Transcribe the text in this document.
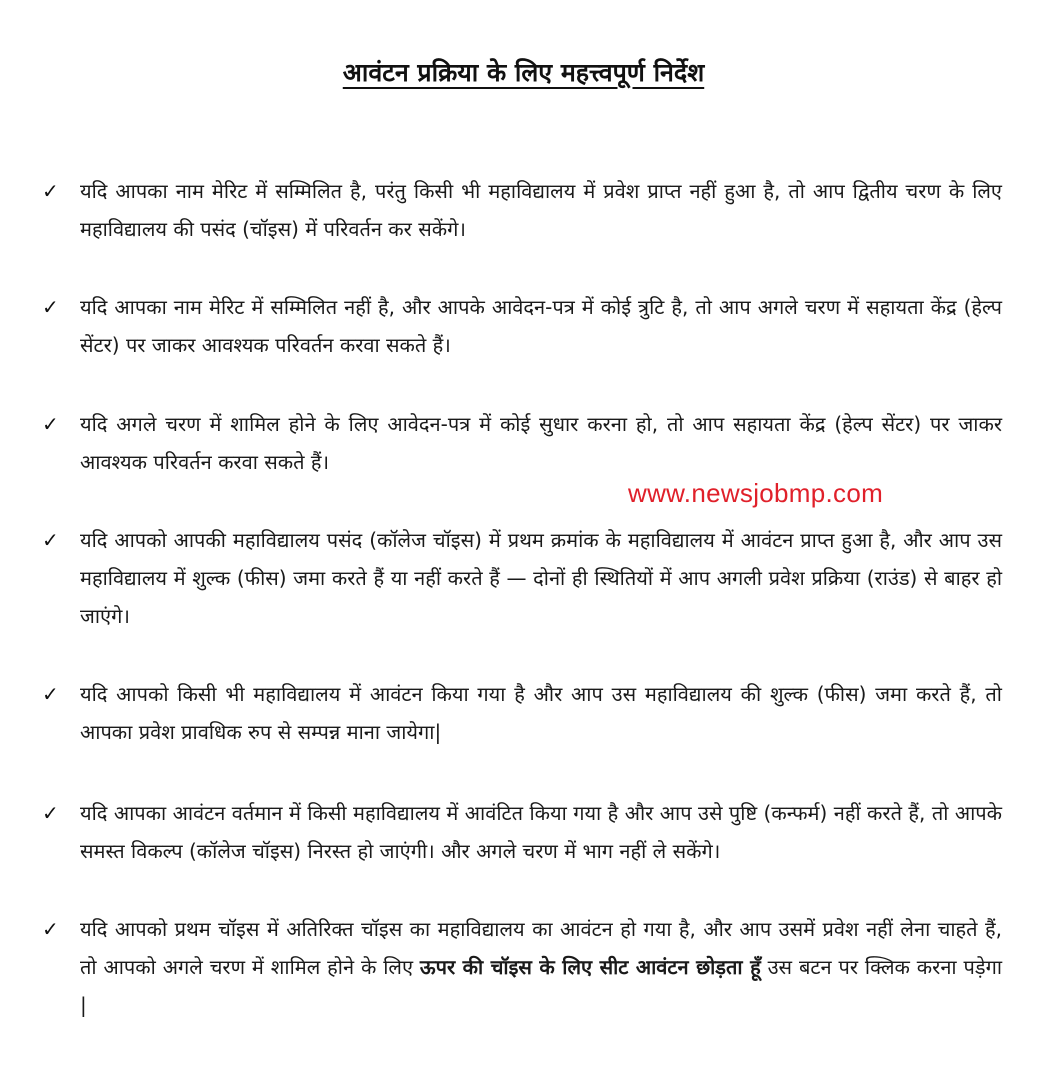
आवंटन प्रक्रिया के लिए महत्त्वपूर्ण निर्देश
✓ यदि आपका नाम मेरिट में सम्मिलित है, परंतु किसी भी महाविद्यालय में प्रवेश प्राप्त नहीं हुआ है, तो आप द्वितीय चरण के लिए महाविद्यालय की पसंद (चॉइस) में परिवर्तन कर सकेंगे।
✓ यदि आपका नाम मेरिट में सम्मिलित नहीं है, और आपके आवेदन-पत्र में कोई त्रुटि है, तो आप अगले चरण में सहायता केंद्र (हेल्प सेंटर) पर जाकर आवश्यक परिवर्तन करवा सकते हैं।
✓ यदि अगले चरण में शामिल होने के लिए आवेदन-पत्र में कोई सुधार करना हो, तो आप सहायता केंद्र (हेल्प सेंटर) पर जाकर आवश्यक परिवर्तन करवा सकते हैं।
www.newsjobmp.com
✓ यदि आपको आपकी महाविद्यालय पसंद (कॉलेज चॉइस) में प्रथम क्रमांक के महाविद्यालय में आवंटन प्राप्त हुआ है, और आप उस महाविद्यालय में शुल्क (फीस) जमा करते हैं या नहीं करते हैं — दोनों ही स्थितियों में आप अगली प्रवेश प्रक्रिया (राउंड) से बाहर हो जाएंगे।
✓ यदि आपको किसी भी महाविद्यालय में आवंटन किया गया है और आप उस महाविद्यालय की शुल्क (फीस) जमा करते हैं, तो आपका प्रवेश प्रावधिक रुप से सम्पन्न माना जायेगा|
✓ यदि आपका आवंटन वर्तमान में किसी महाविद्यालय में आवंटित किया गया है और आप उसे पुष्टि (कन्फर्म) नहीं करते हैं, तो आपके समस्त विकल्प (कॉलेज चॉइस) निरस्त हो जाएंगी। और अगले चरण में भाग नहीं ले सकेंगे।
✓ यदि आपको प्रथम चॉइस में अतिरिक्त चॉइस का महाविद्यालय का आवंटन हो गया है, और आप उसमें प्रवेश नहीं लेना चाहते हैं, तो आपको अगले चरण में शामिल होने के लिए ऊपर की चॉइस के लिए सीट आवंटन छोड़ता हूँ उस बटन पर क्लिक करना पड़ेगा |
